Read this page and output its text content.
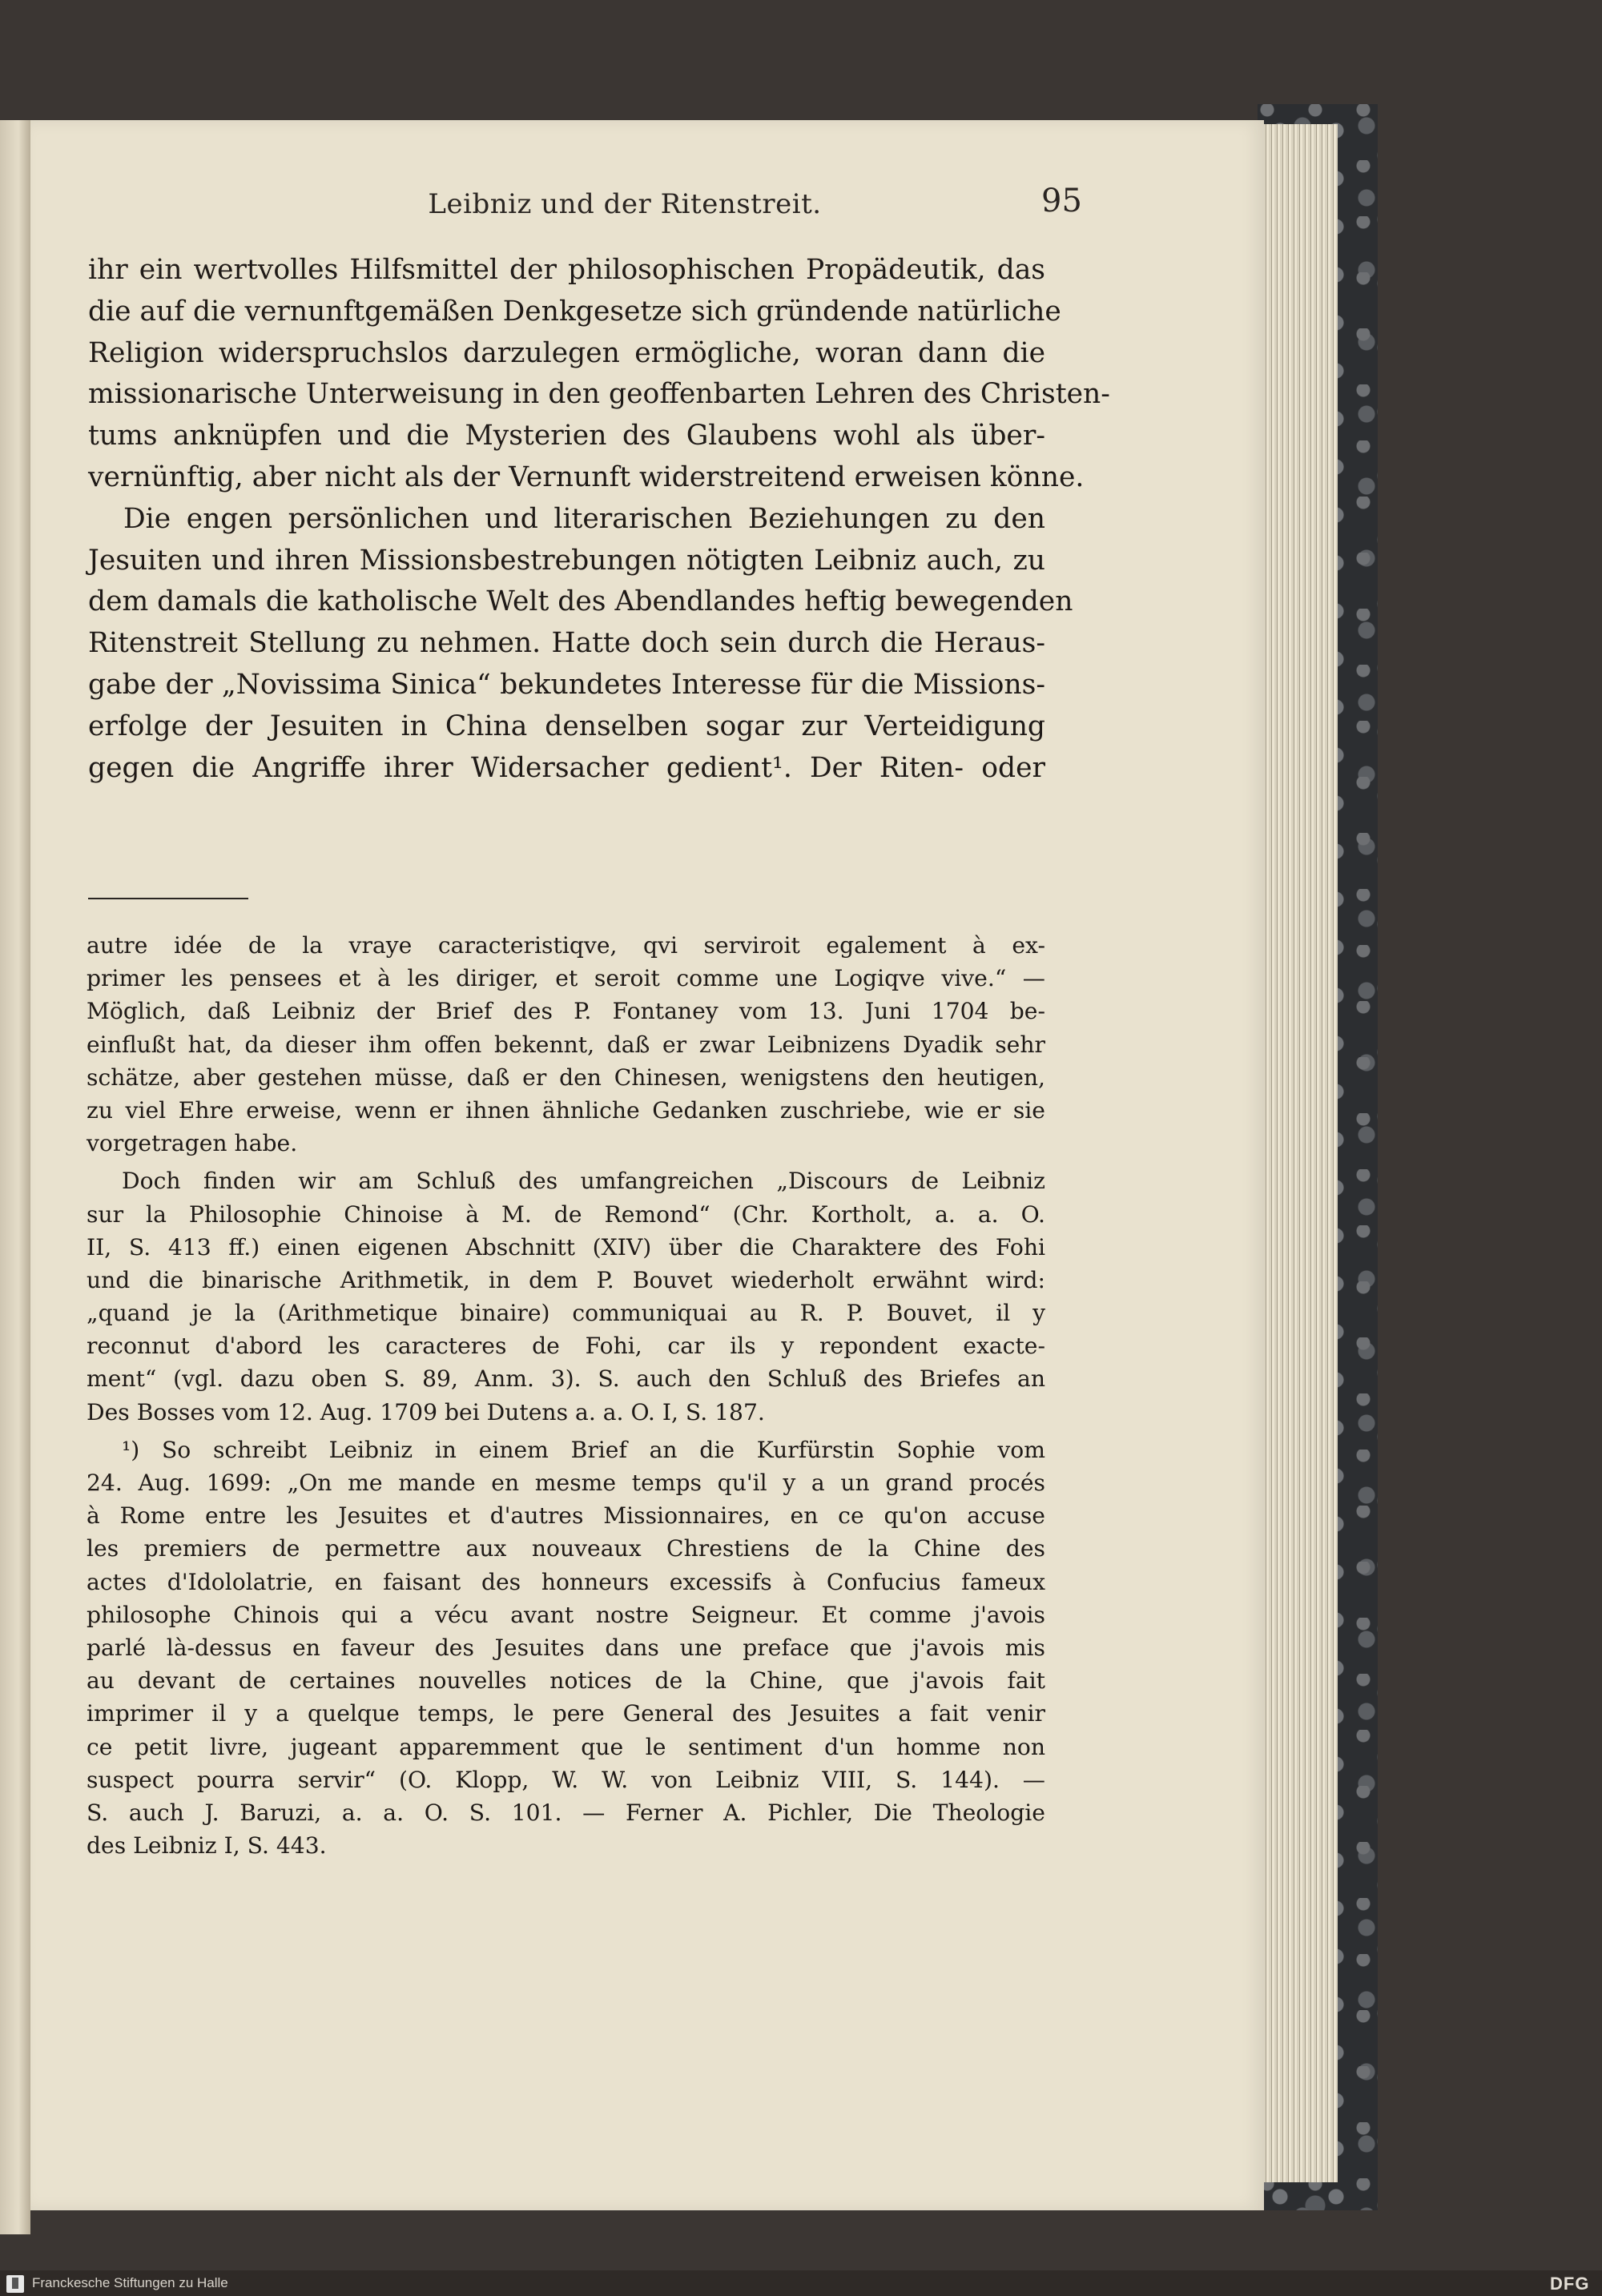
Leibniz und der Ritenstreit.	95
ihr ein wertvolles Hilfsmittel der philosophischen Propädeutik, das
die auf die vernunftgemäßen Denkgesetze sich gründende natürliche
Religion widerspruchslos darzulegen ermögliche, woran dann die
missionarische Unterweisung in den geoffenbarten Lehren des Christen-
tums anknüpfen und die Mysterien des Glaubens wohl als über-
vernünftig, aber nicht als der Vernunft widerstreitend erweisen könne.
Die engen persönlichen und literarischen Beziehungen zu den
Jesuiten und ihren Missionsbestrebungen nötigten Leibniz auch, zu
dem damals die katholische Welt des Abendlandes heftig bewegenden
Ritenstreit Stellung zu nehmen. Hatte doch sein durch die Heraus-
gabe der „Novissima Sinica“ bekundetes Interesse für die Missions-
erfolge der Jesuiten in China denselben sogar zur Verteidigung
gegen die Angriffe ihrer Widersacher gedient¹. Der Riten- oder
autre idée de la vraye caracteristiqve, qvi serviroit egalement à ex-
primer les pensees et à les diriger, et seroit comme une Logiqve vive.“ —
Möglich, daß Leibniz der Brief des P. Fontaney vom 13. Juni 1704 be-
einflußt hat, da dieser ihm offen bekennt, daß er zwar Leibnizens Dyadik sehr
schätze, aber gestehen müsse, daß er den Chinesen, wenigstens den heutigen,
zu viel Ehre erweise, wenn er ihnen ähnliche Gedanken zuschriebe, wie er sie
vorgetragen habe.
Doch finden wir am Schluß des umfangreichen „Discours de Leibniz
sur la Philosophie Chinoise à M. de Remond“ (Chr. Kortholt, a. a. O.
II, S. 413 ff.) einen eigenen Abschnitt (XIV) über die Charaktere des Fohi
und die binarische Arithmetik, in dem P. Bouvet wiederholt erwähnt wird:
„quand je la (Arithmetique binaire) communiquai au R. P. Bouvet, il y
reconnut d'abord les caracteres de Fohi, car ils y repondent exacte-
ment“ (vgl. dazu oben S. 89, Anm. 3). S. auch den Schluß des Briefes an
Des Bosses vom 12. Aug. 1709 bei Dutens a. a. O. I, S. 187.
¹) So schreibt Leibniz in einem Brief an die Kurfürstin Sophie vom
24. Aug. 1699: „On me mande en mesme temps qu'il y a un grand procés
à Rome entre les Jesuites et d'autres Missionnaires, en ce qu'on accuse
les premiers de permettre aux nouveaux Chrestiens de la Chine des
actes d'Idololatrie, en faisant des honneurs excessifs à Confucius fameux
philosophe Chinois qui a vécu avant nostre Seigneur. Et comme j'avois
parlé là-dessus en faveur des Jesuites dans une preface que j'avois mis
au devant de certaines nouvelles notices de la Chine, que j'avois fait
imprimer il y a quelque temps, le pere General des Jesuites a fait venir
ce petit livre, jugeant apparemment que le sentiment d'un homme non
suspect pourra servir“ (O. Klopp, W. W. von Leibniz VIII, S. 144). —
S. auch J. Baruzi, a. a. O. S. 101. — Ferner A. Pichler, Die Theologie
des Leibniz I, S. 443.
Franckesche Stiftungen zu Halle	DFG
